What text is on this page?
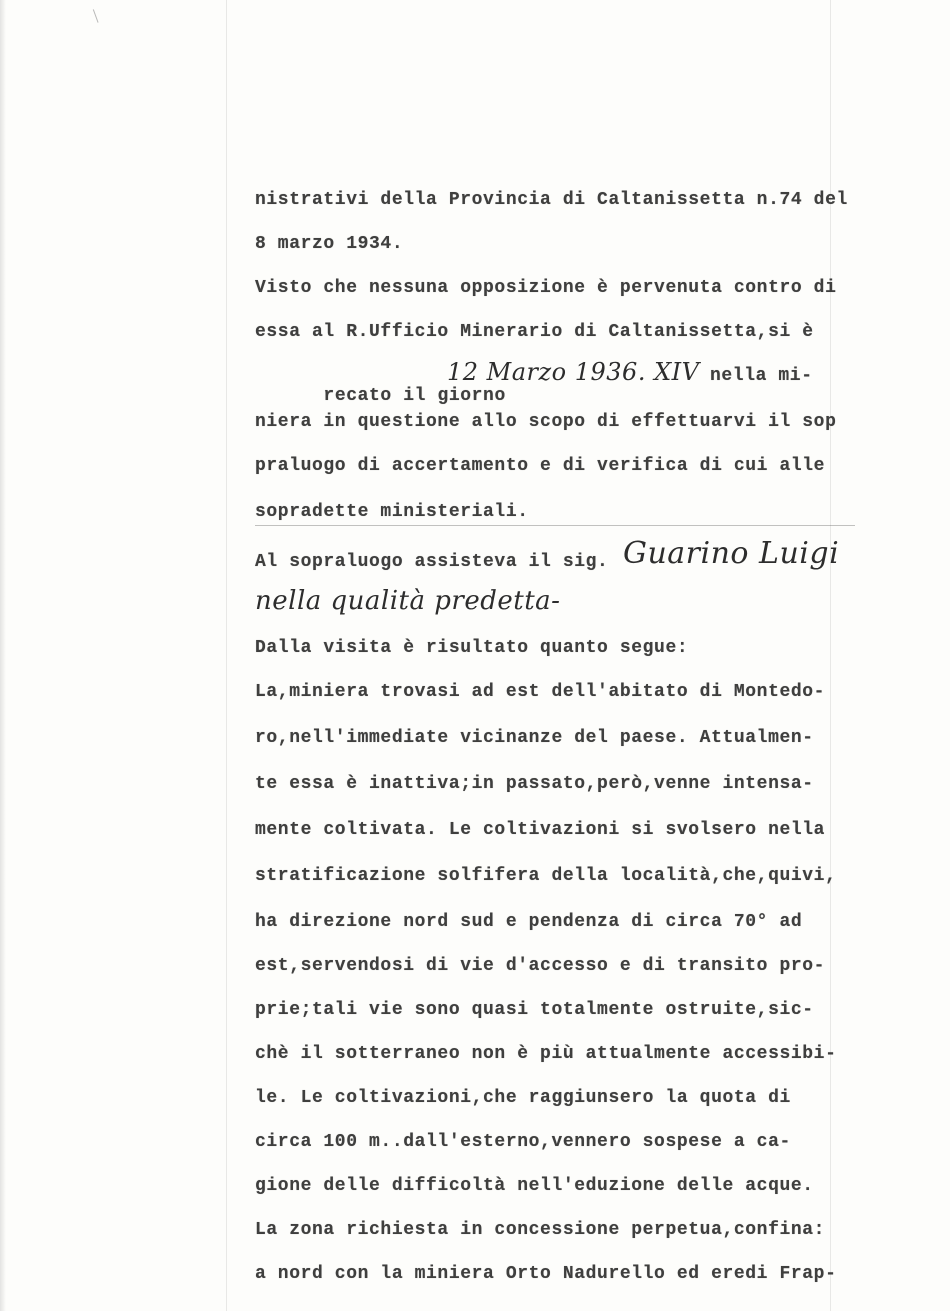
nistrativi della Provincia di Caltanissetta n.74 del
8 marzo 1934.
Visto che nessuna opposizione è pervenuta contro di
essa al R.Ufficio Minerario di Caltanissetta,si è

recato il giorno

12 Marzo 1936. XIV nella mi-
niera in questione allo scopo di effettuarvi il sop
praluogo di accertamento e di verifica di cui alle
sopradette ministeriali.
Al sopraluogo assisteva il sig. Guarino Luigi
nella qualità predetta-
Dalla visita è risultato quanto segue:
La,miniera trovasi ad est dell'abitato di Montedo-
ro,nell'immediate vicinanze del paese. Attualmen-
te essa è inattiva;in passato,però,venne intensa-
mente coltivata. Le coltivazioni si svolsero nella
stratificazione solfifera della località,che,quivi,
ha direzione nord sud e pendenza di circa 70° ad
est,servendosi di vie d'accesso e di transito pro-
prie;tali vie sono quasi totalmente ostruite,sic-
chè il sotterraneo non è più attualmente accessibi-
le. Le coltivazioni,che raggiunsero la quota di
circa 100 m..dall'esterno,vennero sospese a ca-
gione delle difficoltà nell'eduzione delle acque.
La zona richiesta in concessione perpetua,confina:
a nord con la miniera Orto Nadurello ed eredi Frap-
